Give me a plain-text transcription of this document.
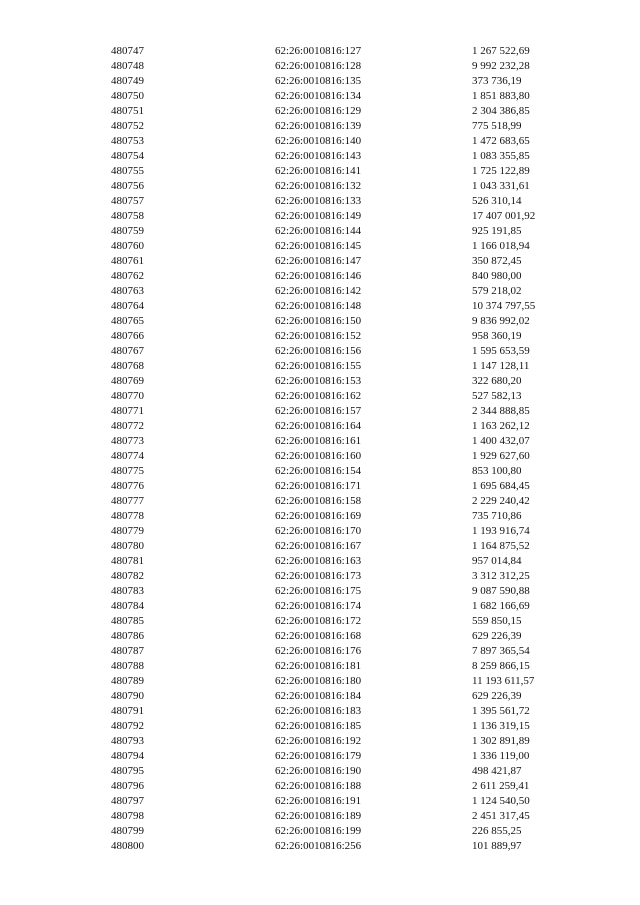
480747	62:26:0010816:127	1 267 522,69
480748	62:26:0010816:128	9 992 232,28
480749	62:26:0010816:135	373 736,19
480750	62:26:0010816:134	1 851 883,80
480751	62:26:0010816:129	2 304 386,85
480752	62:26:0010816:139	775 518,99
480753	62:26:0010816:140	1 472 683,65
480754	62:26:0010816:143	1 083 355,85
480755	62:26:0010816:141	1 725 122,89
480756	62:26:0010816:132	1 043 331,61
480757	62:26:0010816:133	526 310,14
480758	62:26:0010816:149	17 407 001,92
480759	62:26:0010816:144	925 191,85
480760	62:26:0010816:145	1 166 018,94
480761	62:26:0010816:147	350 872,45
480762	62:26:0010816:146	840 980,00
480763	62:26:0010816:142	579 218,02
480764	62:26:0010816:148	10 374 797,55
480765	62:26:0010816:150	9 836 992,02
480766	62:26:0010816:152	958 360,19
480767	62:26:0010816:156	1 595 653,59
480768	62:26:0010816:155	1 147 128,11
480769	62:26:0010816:153	322 680,20
480770	62:26:0010816:162	527 582,13
480771	62:26:0010816:157	2 344 888,85
480772	62:26:0010816:164	1 163 262,12
480773	62:26:0010816:161	1 400 432,07
480774	62:26:0010816:160	1 929 627,60
480775	62:26:0010816:154	853 100,80
480776	62:26:0010816:171	1 695 684,45
480777	62:26:0010816:158	2 229 240,42
480778	62:26:0010816:169	735 710,86
480779	62:26:0010816:170	1 193 916,74
480780	62:26:0010816:167	1 164 875,52
480781	62:26:0010816:163	957 014,84
480782	62:26:0010816:173	3 312 312,25
480783	62:26:0010816:175	9 087 590,88
480784	62:26:0010816:174	1 682 166,69
480785	62:26:0010816:172	559 850,15
480786	62:26:0010816:168	629 226,39
480787	62:26:0010816:176	7 897 365,54
480788	62:26:0010816:181	8 259 866,15
480789	62:26:0010816:180	11 193 611,57
480790	62:26:0010816:184	629 226,39
480791	62:26:0010816:183	1 395 561,72
480792	62:26:0010816:185	1 136 319,15
480793	62:26:0010816:192	1 302 891,89
480794	62:26:0010816:179	1 336 119,00
480795	62:26:0010816:190	498 421,87
480796	62:26:0010816:188	2 611 259,41
480797	62:26:0010816:191	1 124 540,50
480798	62:26:0010816:189	2 451 317,45
480799	62:26:0010816:199	226 855,25
480800	62:26:0010816:256	101 889,97
